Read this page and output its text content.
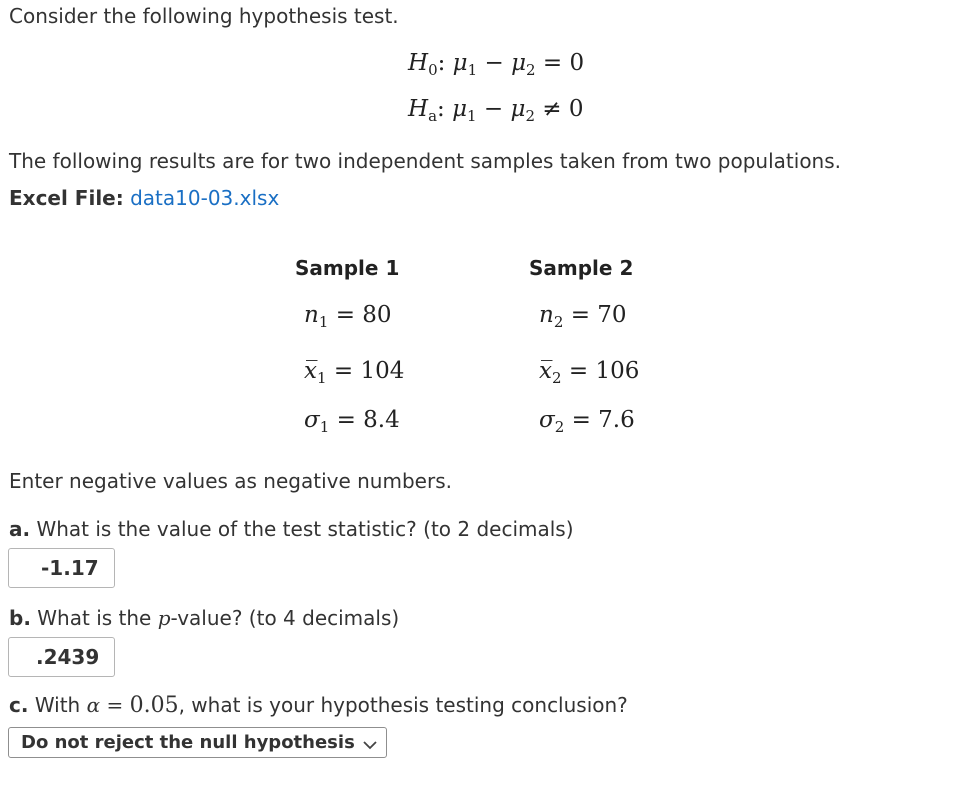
Consider the following hypothesis test.
$H_0$: $\mu_1 - \mu_2 = 0$
$H_a$: $\mu_1 - \mu_2 \ne 0$
The following results are for two independent samples taken from two populations.
Excel File: data10-03.xlsx
Sample 1
$n_1 = 80$
$x̅_1 = 104$
$\sigma_1 = 8.4$
Sample 2
$n_2 = 70$
$x̅_2 = 106$
$\sigma_2 = 7.6$
Enter negative values as negative numbers.
a. What is the value of the test statistic? (to 2 decimals)
-1.17
b. What is the p-value? (to 4 decimals)
.2439
c. With α = 0.05, what is your hypothesis testing conclusion?
Do not reject the null hypothesis
